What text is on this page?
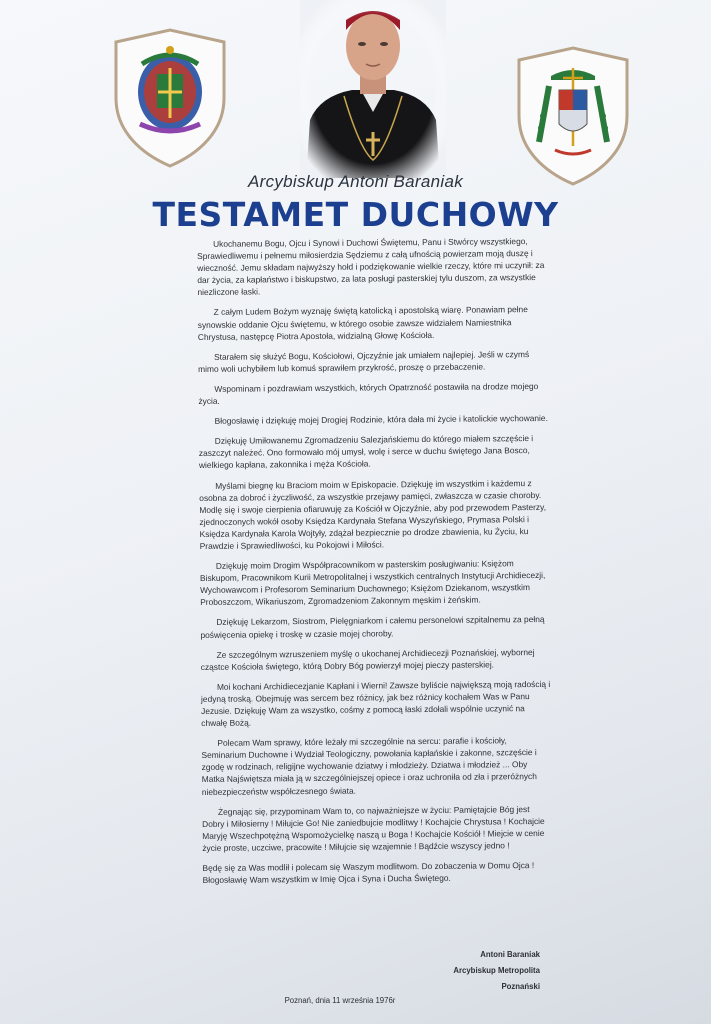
Arcybiskup Antoni Baraniak
TESTAMET DUCHOWY

Ukochanemu Bogu, Ojcu i Synowi i Duchowi Świętemu, Panu i Stwórcy wszystkiego, Sprawiedliwemu i pełnemu miłosierdzia Sędziemu z całą ufnością powierzam moją duszę i wieczność. Jemu składam najwyższy hołd i podziękowanie wielkie rzeczy, które mi uczynił: za dar życia, za kapłaństwo i biskupstwo, za lata posługi pasterskiej tylu duszom, za wszystkie niezliczone łaski.

Z całym Ludem Bożym wyznaję świętą katolicką i apostolską wiarę. Ponawiam pełne synowskie oddanie Ojcu świętemu, w którego osobie zawsze widziałem Namiestnika Chrystusa, następcę Piotra Apostoła, widzialną Głowę Kościoła.

Starałem się służyć Bogu, Kościołowi, Ojczyźnie jak umiałem najlepiej. Jeśli w czymś mimo woli uchybiłem lub komuś sprawiłem przykrość, proszę o przebaczenie.

Wspominam i pozdrawiam wszystkich, których Opatrzność postawiła na drodze mojego życia.

Błogosławię i dziękuję mojej Drogiej Rodzinie, która dała mi życie i katolickie wychowanie.

Dziękuję Umiłowanemu Zgromadzeniu Salezjańskiemu do którego miałem szczęście i zaszczyt należeć. Ono formowało mój umysł, wolę i serce w duchu świętego Jana Bosco, wielkiego kapłana, zakonnika i męża Kościoła.

Myślami biegnę ku Braciom moim w Episkopacie. Dziękuję im wszystkim i każdemu z osobna za dobroć i życzliwość, za wszystkie przejawy pamięci, zwłaszcza w czasie choroby. Modlę się i swoje cierpienia ofiaruwuję za Kościół w Ojczyźnie, aby pod przewodem Pasterzy, zjednoczonych wokół osoby Księdza Kardynała Stefana Wyszyńskiego, Prymasa Polski i Księdza Kardynała Karola Wojtyły, zdążał bezpiecznie po drodze zbawienia, ku Życiu, ku Prawdzie i Sprawiedliwości, ku Pokojowi i Miłości.

Dziękuję moim Drogim Współpracownikom w pasterskim posługiwaniu: Księżom Biskupom, Pracownikom Kurii Metropolitalnej i wszystkich centralnych Instytucji Archidiecezji, Wychowawcom i Profesorom Seminarium Duchownego; Księżom Dziekanom, wszystkim Proboszczom, Wikariuszom, Zgromadzeniom Zakonnym męskim i żeńskim.

Dziękuję Lekarzom, Siostrom, Pielęgniarkom i całemu personelowi szpitalnemu za pełną poświęcenia opiekę i troskę w czasie mojej choroby.

Ze szczególnym wzruszeniem myślę o ukochanej Archidiecezji Poznańskiej, wybornej cząstce Kościoła świętego, którą Dobry Bóg powierzył mojej pieczy pasterskiej.

Moi kochani Archidiecezjanie Kapłani i Wierni! Zawsze byliście największą moją radością i jedyną troską. Obejmuję was sercem bez różnicy, jak bez różnicy kochałem Was w Panu Jezusie. Dziękuję Wam za wszystko, cośmy z pomocą łaski zdołali wspólnie uczynić na chwałę Bożą.

Polecam Wam sprawy, które leżały mi szczególnie na sercu: parafie i kościoły, Seminarium Duchowne i Wydział Teologiczny, powołania kapłańskie i zakonne, szczęście i zgodę w rodzinach, religijne wychowanie dziatwy i młodzieży. Dziatwa i młodzież ... Oby Matka Najświętsza miała ją w szczególniejszej opiece i oraz uchroniła od zła i przeróżnych niebezpieczeństw współczesnego świata.

Żegnając się, przypominam Wam to, co najważniejsze w życiu: Pamiętajcie Bóg jest Dobry i Miłosierny ! Miłujcie Go! Nie zaniedbujcie modlitwy ! Kochajcie Chrystusa ! Kochajcie Maryję Wszechpotężną Wspomożycielkę naszą u Boga ! Kochajcie Kościół ! Miejcie w cenie życie proste, uczciwe, pracowite ! Miłujcie się wzajemnie ! Bądźcie wszyscy jedno !

Będę się za Was modlił i polecam się Waszym modlitwom. Do zobaczenia w Domu Ojca ! Błogosławię Wam wszystkim w Imię Ojca i Syna i Ducha Świętego.

Antoni Baraniak
Arcybiskup Metropolita
Poznański
Poznań, dnia 11 września 1976r
